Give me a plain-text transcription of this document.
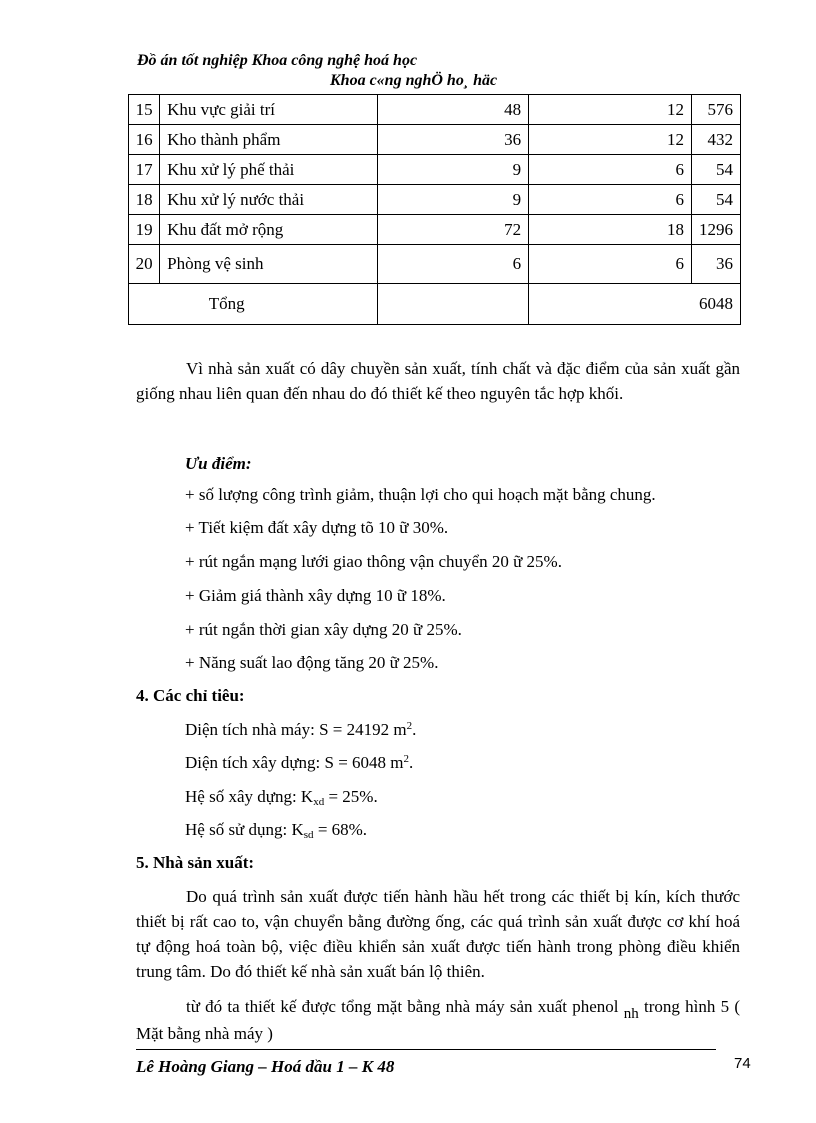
Đồ án tốt nghiệp Khoa công nghệ hoá học
Khoa c«ng nghÖ ho¸ häc
15	Khu vực giải trí	48	12	576
16	Kho thành phẩm	36	12	432
17	Khu xử lý phế thải	9	6	54
18	Khu xử lý nước thải	9	6	54
19	Khu đất mở rộng	72	18	1296
20	Phòng vệ sinh	6	6	36
Tổng			6048	

Vì nhà sản xuất có dây chuyền sản xuất, tính chất và đặc điểm của sản xuất gần giống nhau liên quan đến nhau do đó thiết kế theo nguyên tắc hợp khối.

Ưu điểm:
+ số lượng công trình giảm, thuận lợi cho qui hoạch mặt bằng chung.
+ Tiết kiệm đất xây dựng tõ 10 ữ 30%.
+ rút ngắn mạng lưới giao thông vận chuyển 20 ữ 25%.
+ Giảm giá thành xây dựng 10 ữ 18%.
+ rút ngắn thời gian xây dựng 20 ữ 25%.
+ Năng suất lao động tăng 20 ữ 25%.
4. Các chỉ tiêu:
Diện tích nhà máy: S = 24192 $m^2$.
Diện tích xây dựng: S = 6048 $m^2$.
Hệ số xây dựng: $K_{xd} = 25\%$.
Hệ số sử dụng: $K_{sd} = 68\%$.
5. Nhà sản xuất:

Do quá trình sản xuất được tiến hành hầu hết trong các thiết bị kín, kích thước thiết bị rất cao to, vận chuyển bằng đường ống, các quá trình sản xuất được cơ khí hoá tự động hoá toàn bộ, việc điều khiển sản xuất được tiến hành trong phòng điều khiển trung tâm. Do đó thiết kế nhà sản xuất bán lộ thiên.

từ đó ta thiết kế được tổng mặt bằng nhà máy sản xuất phenol nh trong hình 5 ( Mặt bằng nhà máy )

Lê Hoàng Giang – Hoá dầu 1 – K 48	74
